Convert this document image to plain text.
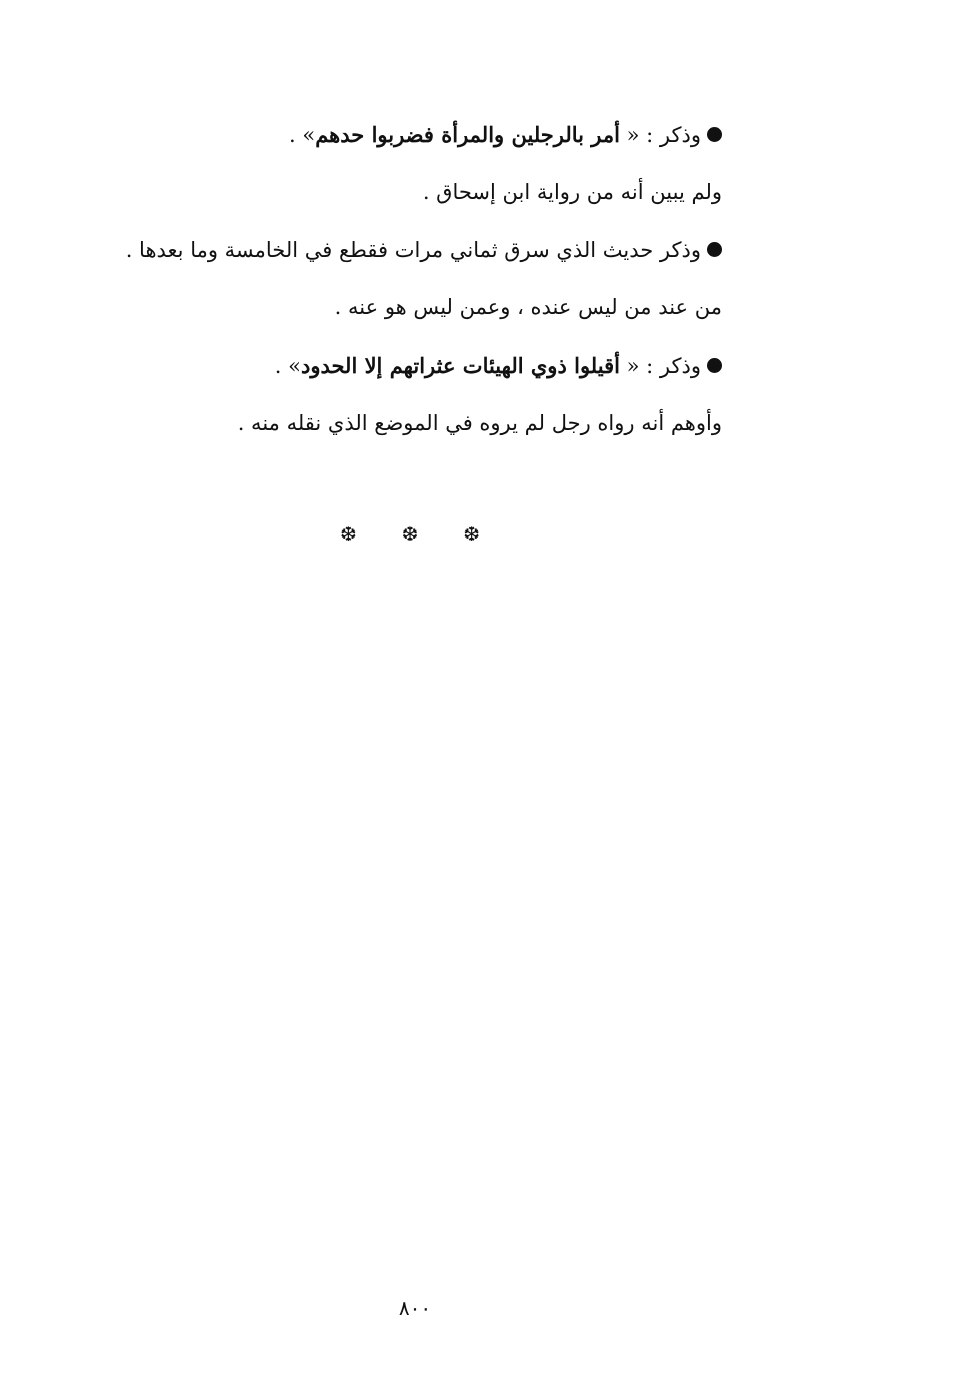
وذكر : « أمر بالرجلين والمرأة فضربوا حدهم» .
ولم يبين أنه من رواية ابن إسحاق .
وذكر حديث الذي سرق ثماني مرات فقطع في الخامسة وما بعدها .
من عند من ليس عنده ، وعمن ليس هو عنه .
وذكر : « أقيلوا ذوي الهيئات عثراتهم إلا الحدود» .
وأوهم أنه رواه رجل لم يروه في الموضع الذي نقله منه .
❆
❆
❆
٨٠٠
